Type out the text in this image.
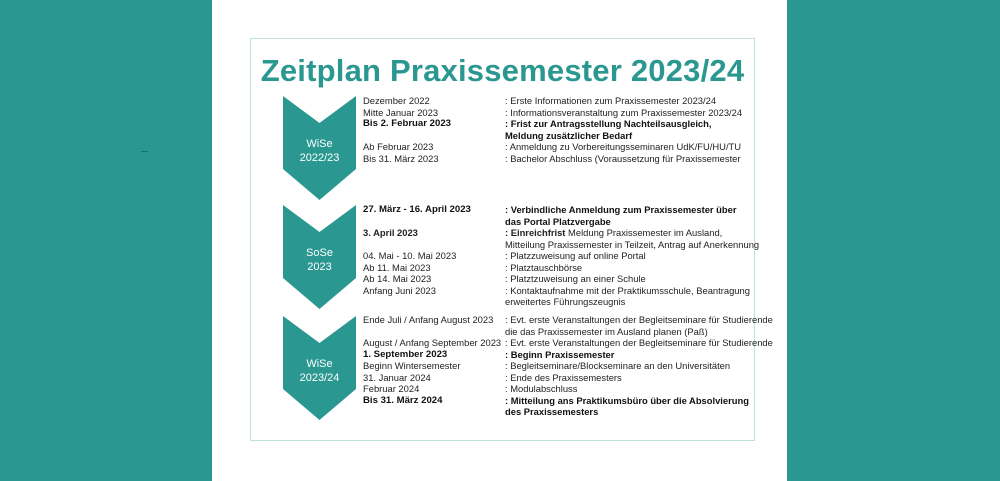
Zeitplan Praxissemester 2023/24
WiSe
2022/23
SoSe
2023
WiSe
2023/24
Dezember 2022	: Erste Informationen zum Praxissemester 2023/24
Mitte Januar 2023	: Informationsveranstaltung zum Praxissemester 2023/24
Bis 2. Februar 2023	: Frist zur Antragsstellung Nachteilsausgleich,
Meldung zusätzlicher Bedarf
Ab Februar 2023	: Anmeldung zu Vorbereitungsseminaren UdK/FU/HU/TU
Bis 31. März 2023	: Bachelor Abschluss (Voraussetzung für Praxissemester
27. März - 16. April 2023	: Verbindliche Anmeldung zum Praxissemester über
das Portal Platzvergabe
3. April 2023	: Einreichfrist Meldung Praxissemester im Ausland,
Mitteilung Praxissemester in Teilzeit, Antrag auf Anerkennung
04. Mai - 10. Mai 2023	: Platzzuweisung auf online Portal
Ab 11. Mai 2023	: Platztauschbörse
Ab 14. Mai 2023	: Platztzuweisung an einer Schule
Anfang Juni 2023	: Kontaktaufnahme mit der Praktikumsschule, Beantragung
erweitertes Führungszeugnis
Ende Juli / Anfang August 2023 : Evt. erste Veranstaltungen der Begleitseminare für Studierende
die das Praxissemester im Ausland planen (Paß)
August / Anfang September 2023 : Evt. erste Veranstaltungen der Begleitseminare für Studierende
1. September 2023	: Beginn Praxissemester
Beginn Wintersemester	: Begleitseminare/Blockseminare an den Universitäten
31. Januar 2024	: Ende des Praxissemesters
Februar 2024	: Modulabschluss
Bis 31. März 2024	: Mitteilung ans Praktikumsbüro über die Absolvierung
des Praxissemesters
